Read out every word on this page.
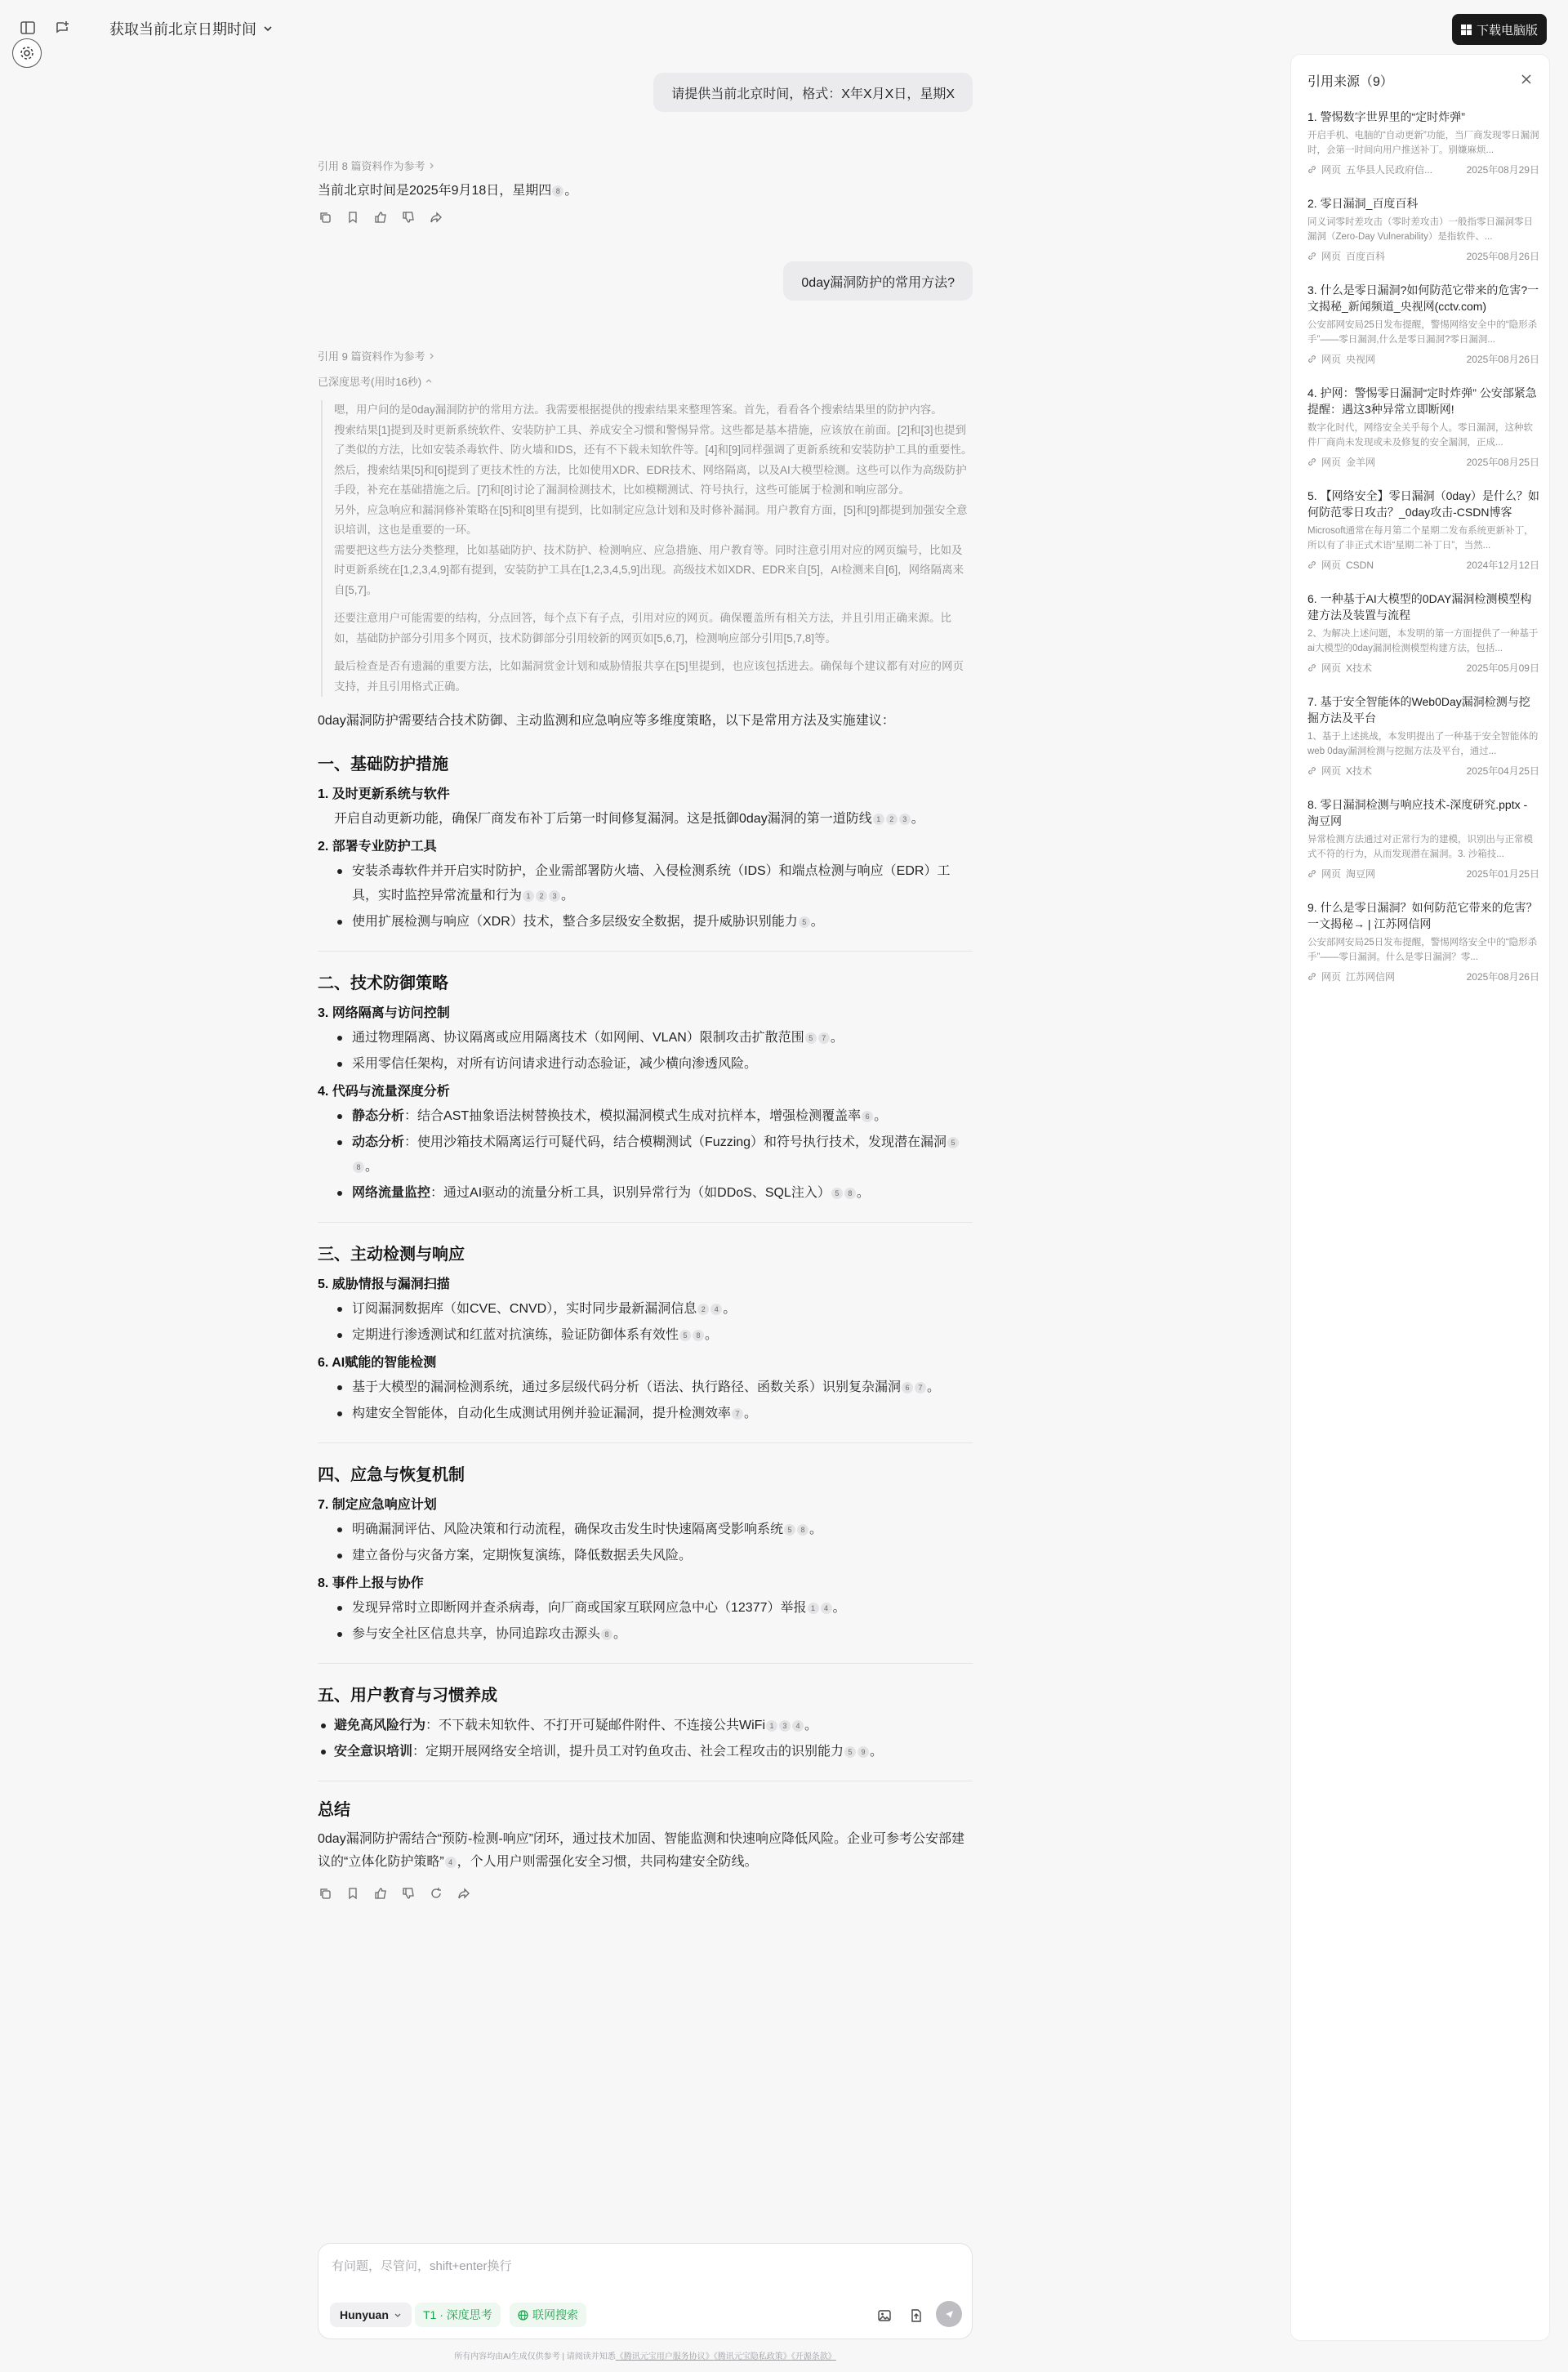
获取当前北京日期时间	下载电脑版
请提供当前北京时间，格式：X年X月X日，星期X
引用 8 篇资料作为参考
当前北京时间是2025年9月18日，星期四 8 。
0day漏洞防护的常用方法?
引用 9 篇资料作为参考
已深度思考(用时16秒)

嗯，用户问的是0day漏洞防护的常用方法。我需要根据提供的搜索结果来整理答案。首先，看看各个搜索结果里的防护内容。

搜索结果[1]提到及时更新系统软件、安装防护工具、养成安全习惯和警惕异常。这些都是基本措施，应该放在前面。[2]和[3]也提到了类似的方法，比如安装杀毒软件、防火墙和IDS，还有不下载未知软件等。[4]和[9]同样强调了更新系统和安装防护工具的重要性。

然后，搜索结果[5]和[6]提到了更技术性的方法，比如使用XDR、EDR技术、网络隔离，以及AI大模型检测。这些可以作为高级防护手段，补充在基础措施之后。[7]和[8]讨论了漏洞检测技术，比如模糊测试、符号执行，这些可能属于检测和响应部分。

另外，应急响应和漏洞修补策略在[5]和[8]里有提到，比如制定应急计划和及时修补漏洞。用户教育方面，[5]和[9]都提到加强安全意识培训，这也是重要的一环。

需要把这些方法分类整理，比如基础防护、技术防护、检测响应、应急措施、用户教育等。同时注意引用对应的网页编号，比如及时更新系统在[1,2,3,4,9]都有提到，安装防护工具在[1,2,3,4,5,9]出现。高级技术如XDR、EDR来自[5]，AI检测来自[6]，网络隔离来自[5,7]。

还要注意用户可能需要的结构，分点回答，每个点下有子点，引用对应的网页。确保覆盖所有相关方法，并且引用正确来源。比如，基础防护部分引用多个网页，技术防御部分引用较新的网页如[5,6,7]，检测响应部分引用[5,7,8]等。

最后检查是否有遗漏的重要方法，比如漏洞赏金计划和威胁情报共享在[5]里提到，也应该包括进去。确保每个建议都有对应的网页支持，并且引用格式正确。

0day漏洞防护需要结合技术防御、主动监测和应急响应等多维度策略，以下是常用方法及实施建议：
一、基础防护措施
1. 及时更新系统与软件
开启自动更新功能，确保厂商发布补丁后第一时间修复漏洞。这是抵御0day漏洞的第一道防线 1 2 3 。
2. 部署专业防护工具
安装杀毒软件并开启实时防护，企业需部署防火墙、入侵检测系统（IDS）和端点检测与响应（EDR）工具，实时监控异常流量和行为 1 2 3 。
使用扩展检测与响应（XDR）技术，整合多层级安全数据，提升威胁识别能力 5 。
二、技术防御策略
3. 网络隔离与访问控制
通过物理隔离、协议隔离或应用隔离技术（如网闸、VLAN）限制攻击扩散范围 5 7 。
采用零信任架构，对所有访问请求进行动态验证，减少横向渗透风险。
4. 代码与流量深度分析
静态分析：结合AST抽象语法树替换技术，模拟漏洞模式生成对抗样本，增强检测覆盖率 6 。
动态分析：使用沙箱技术隔离运行可疑代码，结合模糊测试（Fuzzing）和符号执行技术，发现潜在漏洞 58 。
网络流量监控：通过AI驱动的流量分析工具，识别异常行为（如DDoS、SQL注入） 5 8 。
三、主动检测与响应
5. 威胁情报与漏洞扫描
订阅漏洞数据库（如CVE、CNVD），实时同步最新漏洞信息 2 4 。
定期进行渗透测试和红蓝对抗演练，验证防御体系有效性 5 8 。
6. AI赋能的智能检测
基于大模型的漏洞检测系统，通过多层级代码分析（语法、执行路径、函数关系）识别复杂漏洞 6 7 。
构建安全智能体，自动化生成测试用例并验证漏洞，提升检测效率 7 。
四、应急与恢复机制
7. 制定应急响应计划
明确漏洞评估、风险决策和行动流程，确保攻击发生时快速隔离受影响系统 5 8 。
建立备份与灾备方案，定期恢复演练，降低数据丢失风险。
8. 事件上报与协作
发现异常时立即断网并查杀病毒，向厂商或国家互联网应急中心（12377）举报 1 4 。
参与安全社区信息共享，协同追踪攻击源头 8 。
五、用户教育与习惯养成
避免高风险行为：不下载未知软件、不打开可疑邮件附件、不连接公共WiFi 1 3 4 。
安全意识培训：定期开展网络安全培训，提升员工对钓鱼攻击、社会工程攻击的识别能力 5 9 。
总结
0day漏洞防护需结合“预防-检测-响应”闭环，通过技术加固、智能监测和快速响应降低风险。企业可参考公安部建议的“立体化防护策略” 4 ，个人用户则需强化安全习惯，共同构建安全防线。
有问题，尽管问，shift+enter换行
Hunyuan	T1 · 深度思考	联网搜索
所有内容均由AI生成仅供参考 | 请阅读并知悉《腾讯元宝用户服务协议》《腾讯元宝隐私政策》《开源条款》
引用来源（9）
1. 警惕数字世界里的“定时炸弹”
开启手机、电脑的“自动更新”功能，当厂商发现零日漏洞时，会第一时间向用户推送补丁。别嫌麻烦...
网页 五华县人民政府信...	2025年08月29日
2. 零日漏洞_百度百科
同义词零时差攻击（零时差攻击）一般指零日漏洞零日漏洞（Zero-Day Vulnerability）是指软件、...
网页 百度百科	2025年08月26日
3. 什么是零日漏洞?如何防范它带来的危害?一文揭秘_新闻频道_央视网(cctv.com)
公安部网安局25日发布提醒，警惕网络安全中的“隐形杀手”——零日漏洞,什么是零日漏洞?零日漏洞...
网页 央视网	2025年08月26日
4. 护网：警惕零日漏洞“定时炸弹” 公安部紧急提醒：遇这3种异常立即断网!
数字化时代，网络安全关乎每个人。零日漏洞，这种软件厂商尚未发现或未及修复的安全漏洞，正成...
网页 金羊网	2025年08月25日
5. 【网络安全】零日漏洞（0day）是什么？如何防范零日攻击？_0day攻击-CSDN博客
Microsoft通常在每月第二个星期二发布系统更新补丁，所以有了非正式术语“星期二补丁日”，当然...
网页 CSDN	2024年12月12日
6. 一种基于AI大模型的0DAY漏洞检测模型构建方法及装置与流程
2、为解决上述问题，本发明的第一方面提供了一种基于ai大模型的0day漏洞检测模型构建方法，包括...
网页 X技术	2025年05月09日
7. 基于安全智能体的Web0Day漏洞检测与挖掘方法及平台
1、基于上述挑战，本发明提出了一种基于安全智能体的web 0day漏洞检测与挖掘方法及平台，通过...
网页 X技术	2025年04月25日
8. 零日漏洞检测与响应技术-深度研究.pptx - 淘豆网
异常检测方法通过对正常行为的建模，识别出与正常模式不符的行为，从而发现潜在漏洞。3. 沙箱技...
网页 淘豆网	2025年01月25日
9. 什么是零日漏洞？如何防范它带来的危害？一文揭秘→ | 江苏网信网
公安部网安局25日发布提醒，警惕网络安全中的“隐形杀手”——零日漏洞。什么是零日漏洞？零...
网页 江苏网信网	2025年08月26日
